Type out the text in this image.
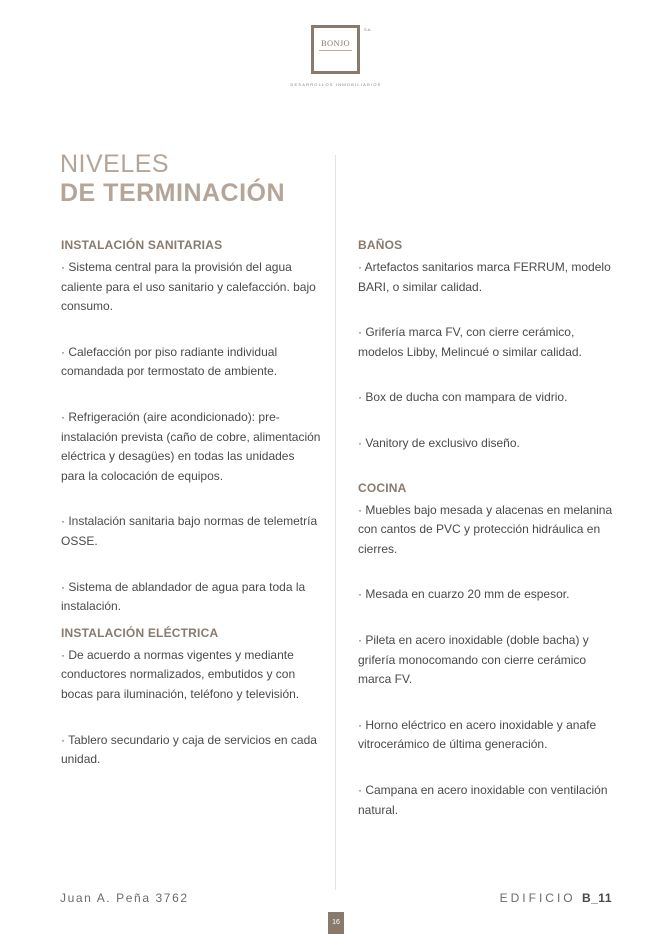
BONJO
S.A.
DESARROLLOS INMOBILIARIOS
NIVELES
DE TERMINACIÓN
INSTALACIÓN SANITARIAS

· Sistema central para la provisión del agua caliente para el uso sanitario y calefacción. bajo consumo.

· Calefacción por piso radiante individual comandada por termostato de ambiente.

· Refrigeración (aire acondicionado): pre-instalación prevista (caño de cobre, alimentación eléctrica y desagües) en todas las unidades para la colocación de equipos.

· Instalación sanitaria bajo normas de telemetría OSSE.

· Sistema de ablandador de agua para toda la instalación.

INSTALACIÓN ELÉCTRICA

· De acuerdo a normas vigentes y mediante conductores normalizados, embutidos y con bocas para iluminación, teléfono y televisión.

· Tablero secundario y caja de servicios en cada unidad.

BAÑOS

· Artefactos sanitarios marca FERRUM, modelo BARI, o similar calidad.

· Grifería marca FV, con cierre cerámico, modelos Libby, Melincué o similar calidad.

· Box de ducha con mampara de vidrio.

· Vanitory de exclusivo diseño.

COCINA

· Muebles bajo mesada y alacenas en melanina con cantos de PVC y protección hidráulica en cierres.

· Mesada en cuarzo 20 mm de espesor.

· Pileta en acero inoxidable (doble bacha) y grifería monocomando con cierre cerámico marca FV.

· Horno eléctrico en acero inoxidable y anafe vitrocerámico de última generación.

· Campana en acero inoxidable con ventilación natural.

Juan A. Peña 3762	EDIFICIO B_11
16
